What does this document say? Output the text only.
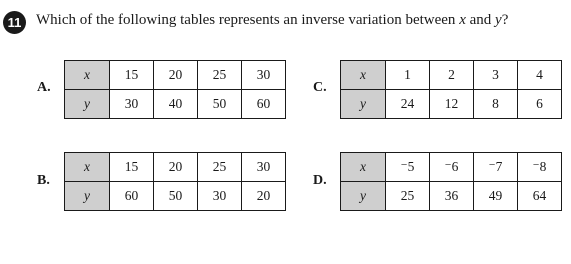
11 Which of the following tables represents an inverse variation between x and y?
A.
x	15	20	25	30
y	30	40	50	60
B.
x	15	20	25	30
y	60	50	30	20
C.
x	1	2	3	4
y	24	12	8	6
D.
x	⁻5	⁻6	⁻7	⁻8
y	25	36	49	64
